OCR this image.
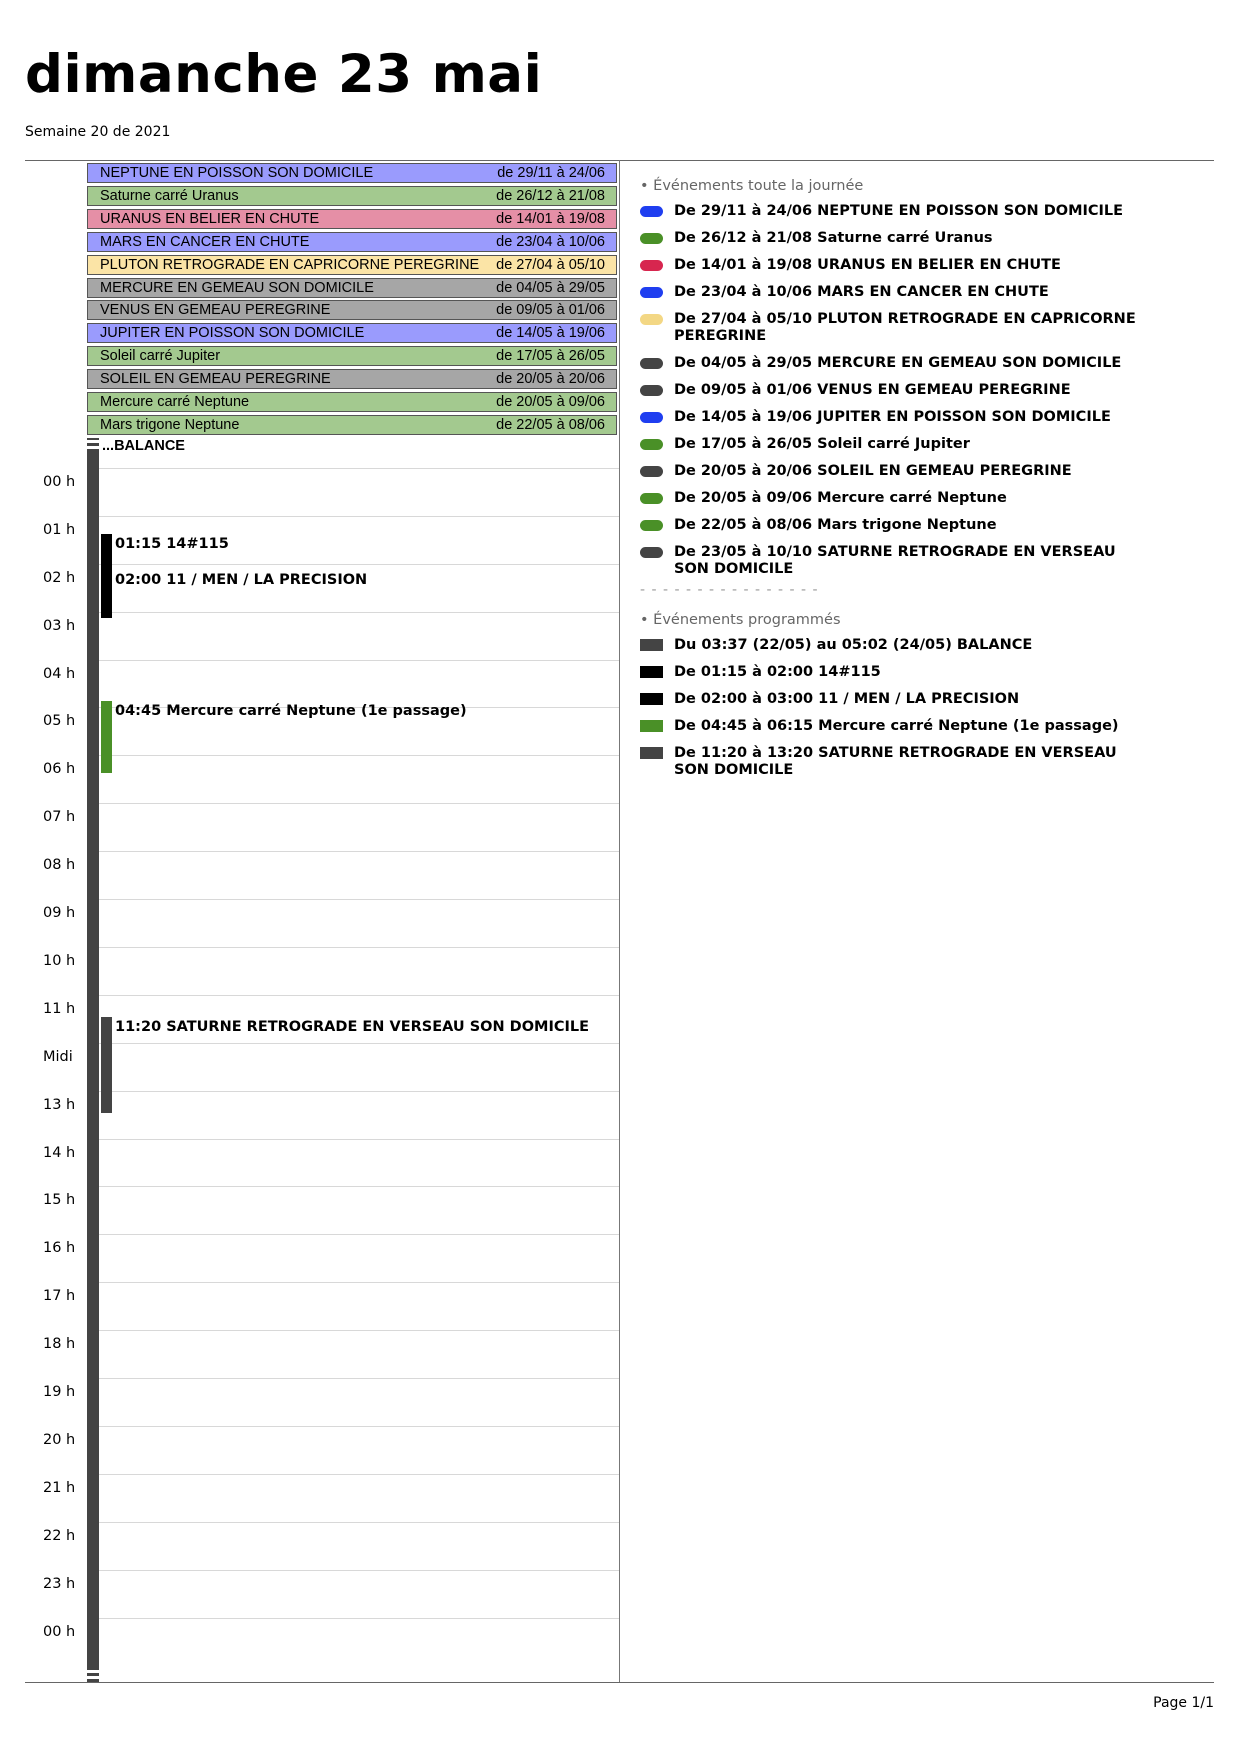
dimanche 23 mai
Semaine 20 de 2021
NEPTUNE EN POISSON SON DOMICILE	de 29/11 à 24/06
Saturne carré Uranus	de 26/12 à 21/08
URANUS EN BELIER EN CHUTE	de 14/01 à 19/08
MARS EN CANCER EN CHUTE	de 23/04 à 10/06
PLUTON RETROGRADE EN CAPRICORNE PEREGRINE de 27/04 à 05/10
MERCURE EN GEMEAU SON DOMICILE	de 04/05 à 29/05
VENUS EN GEMEAU PEREGRINE	de 09/05 à 01/06
JUPITER EN POISSON SON DOMICILE	de 14/05 à 19/06
Soleil carré Jupiter	de 17/05 à 26/05
SOLEIL EN GEMEAU PEREGRINE	de 20/05 à 20/06
Mercure carré Neptune	de 20/05 à 09/06
Mars trigone Neptune	de 22/05 à 08/06
...BALANCE
00 h
01 h
02 h
03 h
04 h
05 h
06 h
07 h
08 h
09 h
10 h
11 h
Midi
13 h
14 h
15 h
16 h
17 h
18 h
19 h
20 h
21 h
22 h
23 h
00 h
01:15 14#115
02:00 11 / MEN / LA PRECISION
04:45 Mercure carré Neptune (1e passage)
11:20 SATURNE RETROGRADE EN VERSEAU SON DOMICILE
• Événements toute la journée
De 29/11 à 24/06 NEPTUNE EN POISSON SON DOMICILE
De 26/12 à 21/08 Saturne carré Uranus
De 14/01 à 19/08 URANUS EN BELIER EN CHUTE
De 23/04 à 10/06 MARS EN CANCER EN CHUTE
De 27/04 à 05/10 PLUTON RETROGRADE EN CAPRICORNE PEREGRINE
De 04/05 à 29/05 MERCURE EN GEMEAU SON DOMICILE
De 09/05 à 01/06 VENUS EN GEMEAU PEREGRINE
De 14/05 à 19/06 JUPITER EN POISSON SON DOMICILE
De 17/05 à 26/05 Soleil carré Jupiter
De 20/05 à 20/06 SOLEIL EN GEMEAU PEREGRINE
De 20/05 à 09/06 Mercure carré Neptune
De 22/05 à 08/06 Mars trigone Neptune
De 23/05 à 10/10 SATURNE RETROGRADE EN VERSEAU SON DOMICILE
- - - - - - - - - - - - - - - -
• Événements programmés
Du 03:37 (22/05) au 05:02 (24/05) BALANCE
De 01:15 à 02:00 14#115
De 02:00 à 03:00 11 / MEN / LA PRECISION
De 04:45 à 06:15 Mercure carré Neptune (1e passage)
De 11:20 à 13:20 SATURNE RETROGRADE EN VERSEAU SON DOMICILE
Page 1/1
